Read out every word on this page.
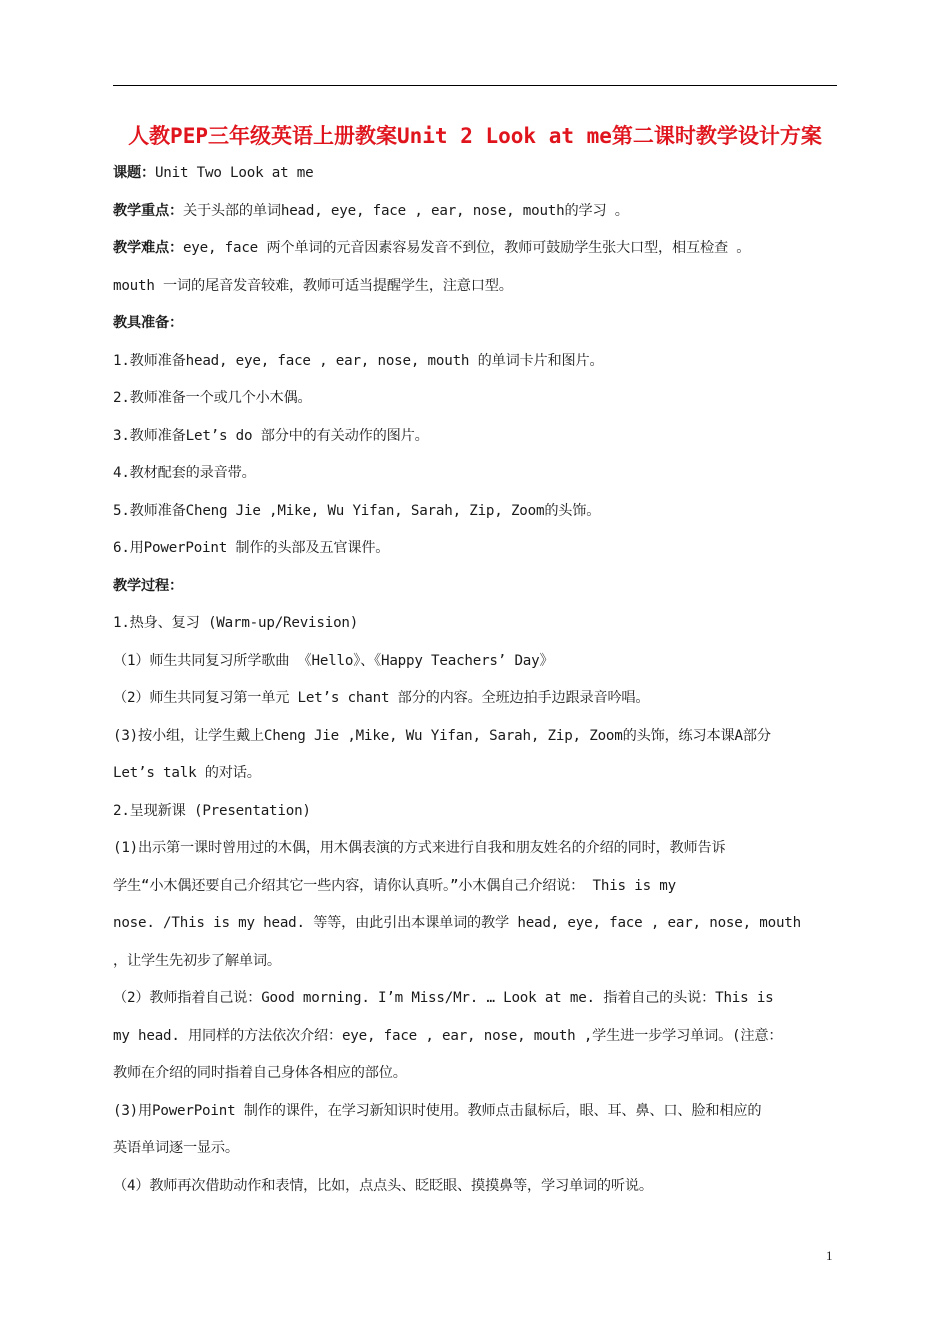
人教PEP三年级英语上册教案Unit 2 Look at me第二课时教学设计方案
课题：Unit Two Look at me
教学重点：关于头部的单词head, eye, face , ear, nose, mouth的学习 。
教学难点：eye, face 两个单词的元音因素容易发音不到位，教师可鼓励学生张大口型，相互检查 。
mouth 一词的尾音发音较难，教师可适当提醒学生，注意口型。
教具准备：
1.教师准备head, eye, face , ear, nose, mouth 的单词卡片和图片。
2.教师准备一个或几个小木偶。
3.教师准备Let’s do 部分中的有关动作的图片。
4.教材配套的录音带。
5.教师准备Cheng Jie ,Mike, Wu Yifan, Sarah, Zip, Zoom的头饰。
6.用PowerPoint 制作的头部及五官课件。
教学过程：
1.热身、复习 (Warm-up/Revision)
（1）师生共同复习所学歌曲 《Hello》、《Happy Teachers’ Day》
（2）师生共同复习第一单元 Let’s chant 部分的内容。全班边拍手边跟录音吟唱。
(3)按小组，让学生戴上Cheng Jie ,Mike, Wu Yifan, Sarah, Zip, Zoom的头饰，练习本课A部分
Let’s talk 的对话。
2.呈现新课 (Presentation)
(1)出示第一课时曾用过的木偶，用木偶表演的方式来进行自我和朋友姓名的介绍的同时，教师告诉
学生“小木偶还要自己介绍其它一些内容，请你认真听。”小木偶自己介绍说： This is my
nose. /This is my head. 等等，由此引出本课单词的教学 head, eye, face , ear, nose, mouth
，让学生先初步了解单词。
（2）教师指着自己说：Good morning. I’m Miss/Mr. … Look at me. 指着自己的头说：This is
my head. 用同样的方法依次介绍：eye, face , ear, nose, mouth ,学生进一步学习单词。(注意：
教师在介绍的同时指着自己身体各相应的部位。
(3)用PowerPoint 制作的课件，在学习新知识时使用。教师点击鼠标后，眼、耳、鼻、口、脸和相应的
英语单词逐一显示。
（4）教师再次借助动作和表情，比如，点点头、眨眨眼、摸摸鼻等，学习单词的听说。
1
